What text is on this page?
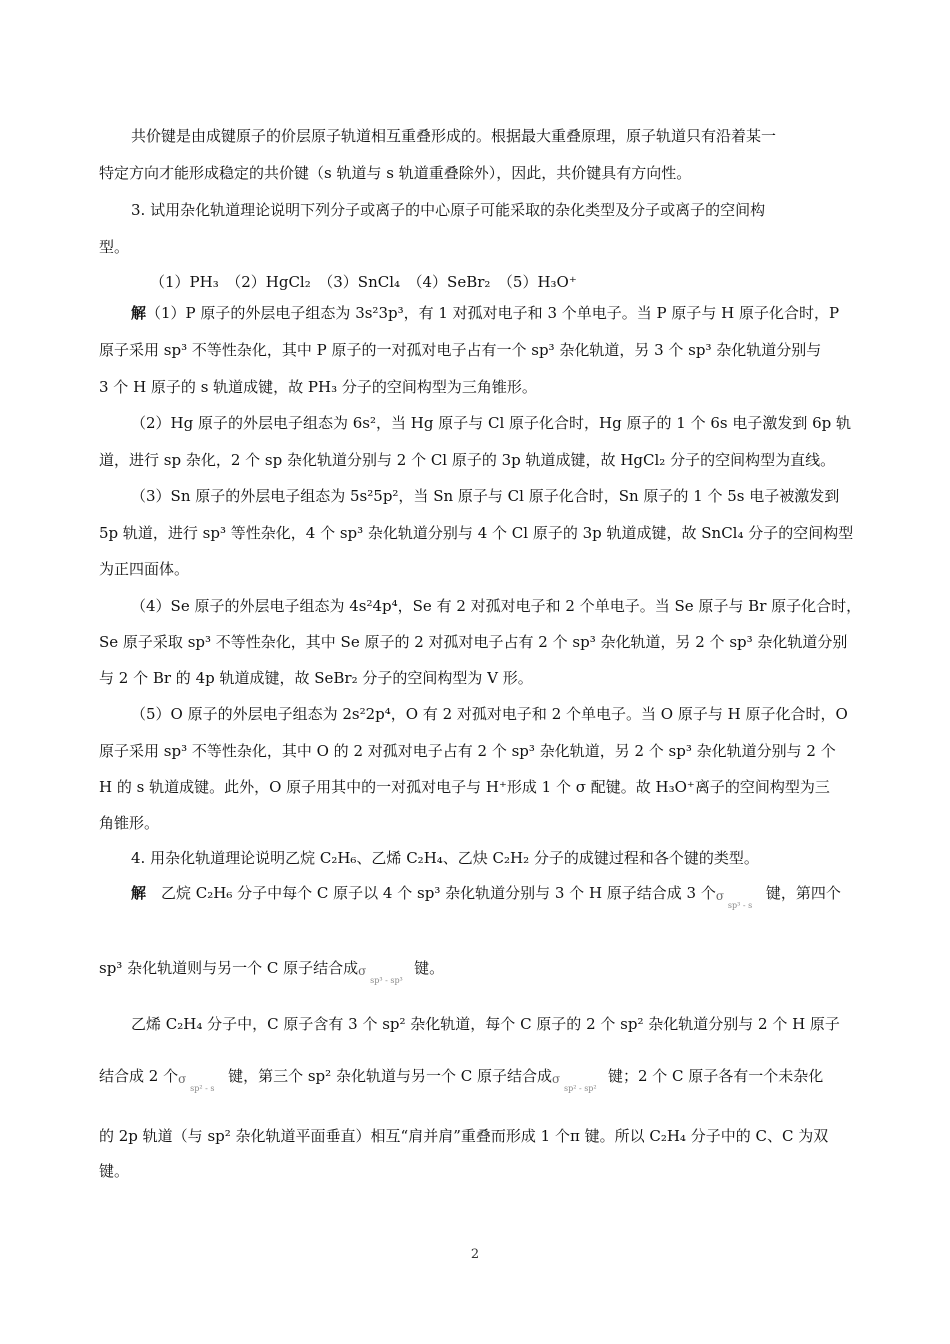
共价键是由成键原子的价层原子轨道相互重叠形成的。根据最大重叠原理，原子轨道只有沿着某一
特定方向才能形成稳定的共价键（s 轨道与 s 轨道重叠除外），因此，共价键具有方向性。
3. 试用杂化轨道理论说明下列分子或离子的中心原子可能采取的杂化类型及分子或离子的空间构
型。
（1）PH₃　（2）HgCl₂　（3）SnCl₄　（4）SeBr₂　（5）H₃O⁺
解（1）P 原子的外层电子组态为 3s²3p³，有 1 对孤对电子和 3 个单电子。当 P 原子与 H 原子化合时，P
原子采用 sp³ 不等性杂化，其中 P 原子的一对孤对电子占有一个 sp³ 杂化轨道，另 3 个 sp³ 杂化轨道分别与
3 个 H 原子的 s 轨道成键，故 PH₃ 分子的空间构型为三角锥形。
（2）Hg 原子的外层电子组态为 6s²，当 Hg 原子与 Cl 原子化合时，Hg 原子的 1 个 6s 电子激发到 6p 轨
道，进行 sp 杂化，2 个 sp 杂化轨道分别与 2 个 Cl 原子的 3p 轨道成键，故 HgCl₂ 分子的空间构型为直线。
（3）Sn 原子的外层电子组态为 5s²5p²，当 Sn 原子与 Cl 原子化合时，Sn 原子的 1 个 5s 电子被激发到
5p 轨道，进行 sp³ 等性杂化，4 个 sp³ 杂化轨道分别与 4 个 Cl 原子的 3p 轨道成键，故 SnCl₄ 分子的空间构型
为正四面体。
（4）Se 原子的外层电子组态为 4s²4p⁴，Se 有 2 对孤对电子和 2 个单电子。当 Se 原子与 Br 原子化合时，
Se 原子采取 sp³ 不等性杂化，其中 Se 原子的 2 对孤对电子占有 2 个 sp³ 杂化轨道，另 2 个 sp³ 杂化轨道分别
与 2 个 Br 的 4p 轨道成键，故 SeBr₂ 分子的空间构型为 V 形。
（5）O 原子的外层电子组态为 2s²2p⁴，O 有 2 对孤对电子和 2 个单电子。当 O 原子与 H 原子化合时，O
原子采用 sp³ 不等性杂化，其中 O 的 2 对孤对电子占有 2 个 sp³ 杂化轨道，另 2 个 sp³ 杂化轨道分别与 2 个
H 的 s 轨道成键。此外，O 原子用其中的一对孤对电子与 H⁺形成 1 个 σ 配键。故 H₃O⁺离子的空间构型为三
角锥形。
4. 用杂化轨道理论说明乙烷 C₂H₆、乙烯 C₂H₄、乙炔 C₂H₂ 分子的成键过程和各个键的类型。
解　 乙烷 C₂H₆ 分子中每个 C 原子以 4 个 sp³ 杂化轨道分别与 3 个 H 原子结合成 3 个 σ
sp³ - s
键，第四个
sp³ 杂化轨道则与另一个 C 原子结合成 σ
sp³ - sp³
键。
乙烯 C₂H₄ 分子中，C 原子含有 3 个 sp² 杂化轨道，每个 C 原子的 2 个 sp² 杂化轨道分别与 2 个 H 原子
结合成 2 个 σ
sp² - s
键，第三个 sp² 杂化轨道与另一个 C 原子结合成 σ
sp² - sp²
键；2 个 C 原子各有一个未杂化
的 2p 轨道（与 sp² 杂化轨道平面垂直）相互“肩并肩”重叠而形成 1 个π 键。所以 C₂H₄ 分子中的 C、C 为双
键。
2
